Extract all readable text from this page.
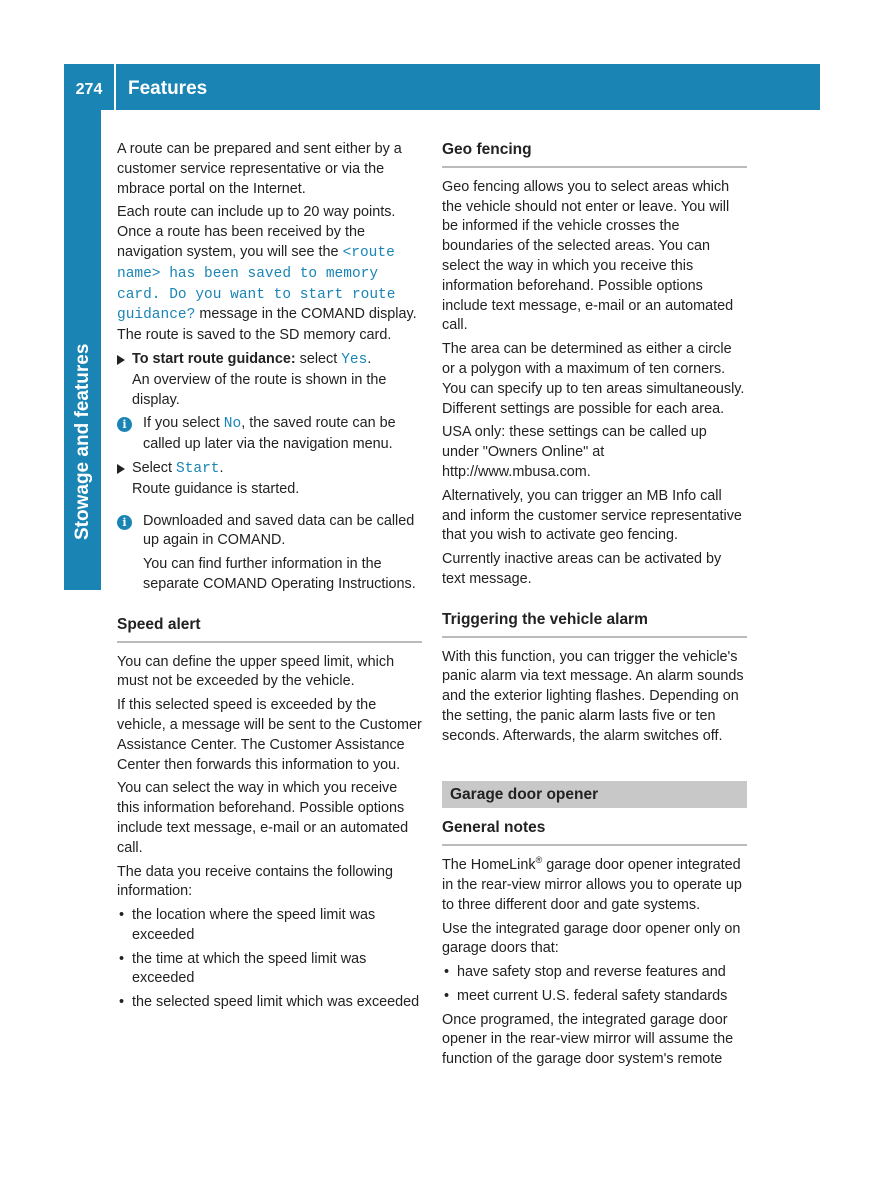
274	Features

A route can be prepared and sent either by a customer service representative or via the mbrace portal on the Internet.

Each route can include up to 20 way points. Once a route has been received by the navigation system, you will see the <route name> has been saved to memory card. Do you want to start route guidance? message in the COMAND display. The route is saved to the SD memory card.

To start route guidance: select Yes.
An overview of the route is shown in the display.
i	If you select No, the saved route can be called up later via the navigation menu.
Select Start.
Route guidance is started.
i	Downloaded and saved data can be called up again in COMAND.

You can find further information in the separate COMAND Operating Instructions.

Speed alert

You can define the upper speed limit, which must not be exceeded by the vehicle.

If this selected speed is exceeded by the vehicle, a message will be sent to the Customer Assistance Center. The Customer Assistance Center then forwards this information to you.

You can select the way in which you receive this information beforehand. Possible options include text message, e-mail or an automated call.

The data you receive contains the following information:

• the location where the speed limit was exceeded
• the time at which the speed limit was exceeded
• the selected speed limit which was exceeded
Geo fencing

Geo fencing allows you to select areas which the vehicle should not enter or leave. You will be informed if the vehicle crosses the boundaries of the selected areas. You can select the way in which you receive this information beforehand. Possible options include text message, e-mail or an automated call.

The area can be determined as either a circle or a polygon with a maximum of ten corners. You can specify up to ten areas simultaneously. Different settings are possible for each area.

USA only: these settings can be called up under "Owners Online" at http://www.mbusa.com.

Alternatively, you can trigger an MB Info call and inform the customer service representative that you wish to activate geo fencing.

Currently inactive areas can be activated by text message.

Triggering the vehicle alarm

With this function, you can trigger the vehicle's panic alarm via text message. An alarm sounds and the exterior lighting flashes. Depending on the setting, the panic alarm lasts five or ten seconds. Afterwards, the alarm switches off.

Garage door opener
General notes

The HomeLink® garage door opener integrated in the rear-view mirror allows you to operate up to three different door and gate systems.

Use the integrated garage door opener only on garage doors that:

• have safety stop and reverse features and
• meet current U.S. federal safety standards

Once programed, the integrated garage door opener in the rear-view mirror will assume the function of the garage door system's remote
